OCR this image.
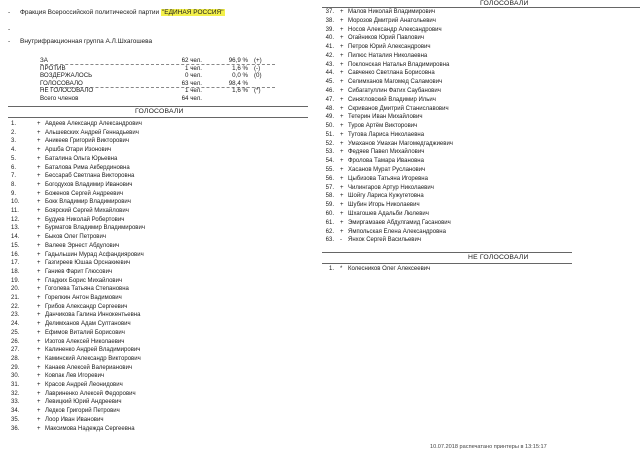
- Фракция Всероссийской политической партии "ЕДИНАЯ РОССИЯ"
-
- Внутрифракционная группа А.Л.Шхагошева
ЗА	62 чел.	96,9 % (+)
ПРОТИВ	1 чел.	1,6 % (-)
ВОЗДЕРЖАЛОСЬ	0 чел.	0,0 % (0)
ГОЛОСОВАЛО	63 чел.	98,4 %
НЕ ГОЛОСОВАЛО	1 чел.	1,6 % (*)
Всего членов	64 чел.
ГОЛОСОВАЛИ
1.	+ Авдеев Александр Александрович
2.	+ Альшевских Андрей Геннадьевич
3.	+ Аникеев Григорий Викторович
4.	+ Аршба Отари Изонович
5.	+ Баталина Ольга Юрьевна
6.	+ Баталова Рима Акбердиновна
7.	+ Бессараб Светлана Викторовна
8.	+ Богодухов Владимир Иванович
9.	+ Боженов Сергей Андреевич
10.	+ Бокк Владимир Владимирович
11.	+ Боярский Сергей Михайлович
12.	+ Будуев Николай Робертович
13.	+ Бурматов Владимир Владимирович
14.	+ Быков Олег Петрович
15.	+ Валеев Эрнест Абдулович
16.	+ Гадыльшин Мурад Асфандиярович
17.	+ Газгиреев Юшаа Орснакиевич
18.	+ Ганиев Фарит Глюсович
19.	+ Гладких Борис Михайлович
20.	+ Гоголева Татьяна Степановна
21.	+ Горелкин Антон Вадимович
22.	+ Грибов Александр Сергеевич
23.	+ Данчикова Галина Иннокентьевна
24.	+ Делимханов Адам Султанович
25.	+ Ефимов Виталий Борисович
26.	+ Изотов Алексей Николаевич
27.	+ Калиненко Андрей Владимирович
28.	+ Каминский Александр Викторович
29.	+ Канаев Алексей Валерианович
30.	+ Ковпак Лев Игоревич
31.	+ Красов Андрей Леонидович
32.	+ Лавриненко Алексей Федорович
33.	+ Левицкий Юрий Андреевич
34.	+ Ледков Григорий Петрович
35.	+ Лоор Иван Иванович
36.	+ Максимова Надежда Сергеевна
ГОЛОСОВАЛИ
37. + Малов Николай Владимирович
38. + Морозов Дмитрий Анатольевич
39. + Носов Александр Александрович
40. + Огайников Юрий Павлович
41. + Петров Юрий Александрович
42. + Пилюс Наталия Николаевна
43. + Поклонская Наталья Владимировна
44. + Савченко Светлана Борисовна
45. + Селимханов Магомед Саламович
46. + Сибагатуллин Фатих Саубанович
47. + Синягловский Владимир Ильич
48. + Скриванов Дмитрий Станиславович
49. + Тетерин Иван Михайлович
50. + Туров Артём Викторович
51. + Тутова Лариса Николаевна
52. + Умаханов Умахан Магомедгаджиевич
53. + Федяев Павел Михайлович
54. + Фролова Тамара Ивановна
55. + Хасанов Мурат Русланович
56. + Цыбизова Татьяна Игоревна
57. + Чилингаров Артур Николаевич
58. + Шойгу Лариса Кужугетовна
59. + Шубин Игорь Николаевич
60. + Шхагошев Адальби Люлевич
61. + Эмиргамзаев Абдулгамид Гасанович
62. + Ямпольская Елена Александровна
63. - Янхок Сергей Васильевич
НЕ ГОЛОСОВАЛИ
1. * Колесников Олег Алексеевич
10.07.2018 распечатано принтеры в 13:15:17
